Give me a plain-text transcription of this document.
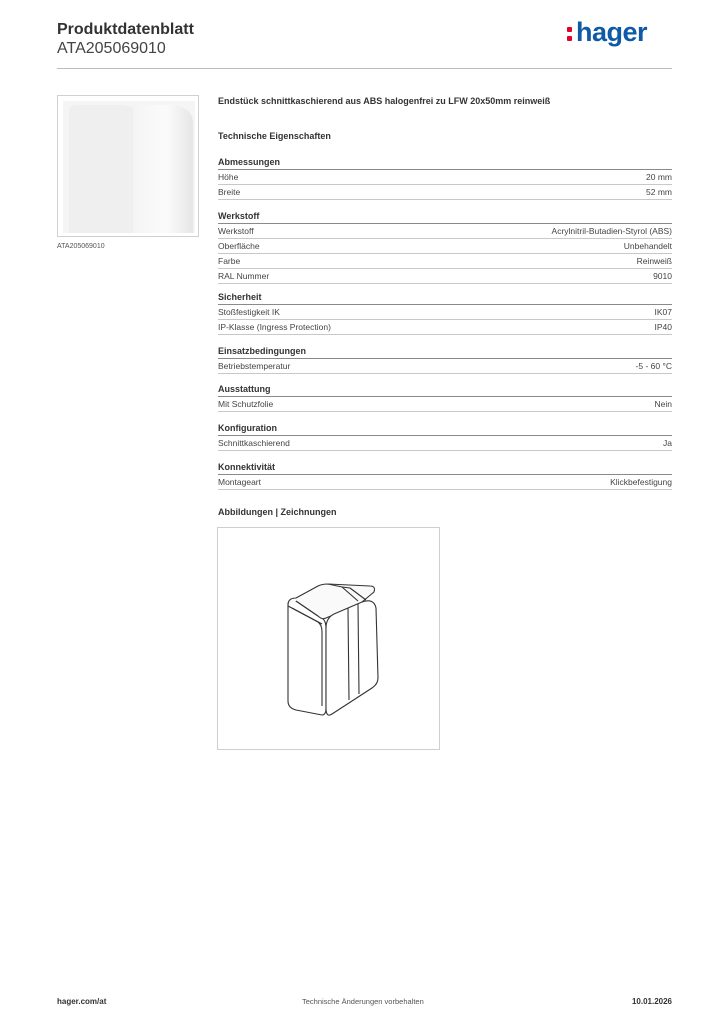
Produktdatenblatt
ATA205069010
hager
ATA205069010
Endstück schnittkaschierend aus ABS halogenfrei zu LFW 20x50mm reinweiß
Technische Eigenschaften
Abmessungen
Höhe	20 mm
Breite	52 mm
Werkstoff
Werkstoff	Acrylnitril-Butadien-Styrol (ABS)
Oberfläche	Unbehandelt
Farbe	Reinweiß
RAL Nummer	9010
Sicherheit
Stoßfestigkeit IK	IK07
IP-Klasse (Ingress Protection)	IP40
Einsatzbedingungen
Betriebstemperatur	-5 - 60 °C
Ausstattung
Mit Schutzfolie	Nein
Konfiguration
Schnittkaschierend	Ja
Konnektivität
Montageart	Klickbefestigung
Abbildungen | Zeichnungen
hager.com/at	Technische Änderungen vorbehalten	10.01.2026
